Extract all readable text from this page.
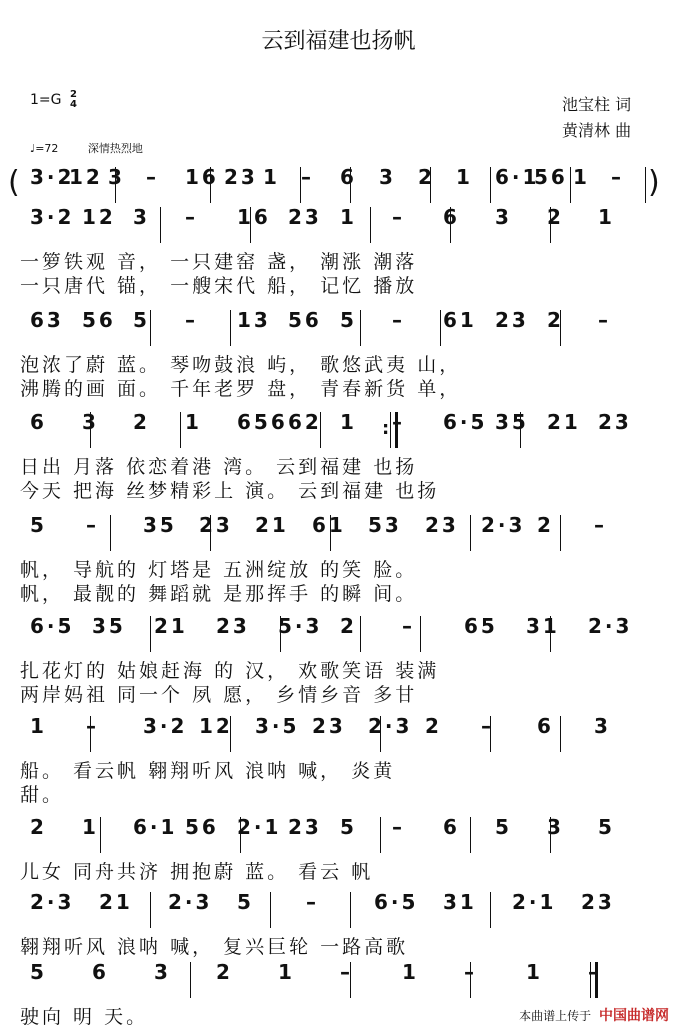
云到福建也扬帆
1=G 2
4	池宝柱 词
黄清林 曲
♩=72	深情热烈地
( 3·2
12 3 – 16 23 1 – 6 3 2 1 6·1
56 1 – )
3·2 12 3 – 16 23 1 – 6 3 2 1
一箩铁观 音， 一只建窑 盏， 潮涨 潮落
一只唐代 锚， 一艘宋代 船， 记忆 播放
63 56 5 – 13 56 5 – 61 23 2 –
泡浓了蔚 蓝。 琴吻鼓浪 屿， 歌悠武夷 山，
沸腾的画 面。 千年老罗 盘， 青春新货 单，
6 3 2 1 656 62 1 – 6·5 35 21 23
:
日出 月落 依恋着港 湾。 云到福建 也扬
今天 把海 丝梦精彩上 演。 云到福建 也扬
5 – 35 23 21 61 53 23 2·3 2 –
帆， 导航的 灯塔是 五洲绽放 的笑 脸。
帆， 最靓的 舞蹈就 是那挥手 的瞬 间。
6·5 35 21 23 5·3 2 – 65 31 2·3
扎花灯的 姑娘赶海 的 汉， 欢歌笑语 装满
两岸妈祖 同一个 夙 愿， 乡情乡音 多甘
1 – 3·2 12 3·5 23 2·3 2 – 6 3
船。 看云帆 翱翔听风 浪呐 喊， 炎黄
甜。
2 1 6·1 56 2·1 23 5 – 6 5 3 5
儿女 同舟共济 拥抱蔚 蓝。 看云 帆
2·3 21 2·3 5	–	6·5 31 2·1 23
翱翔听风 浪呐 喊， 复兴巨轮 一路高歌
5 6 3 2 1 – 1 – 1 –
驶向 明 天。	本曲谱上传于 中国曲谱网
